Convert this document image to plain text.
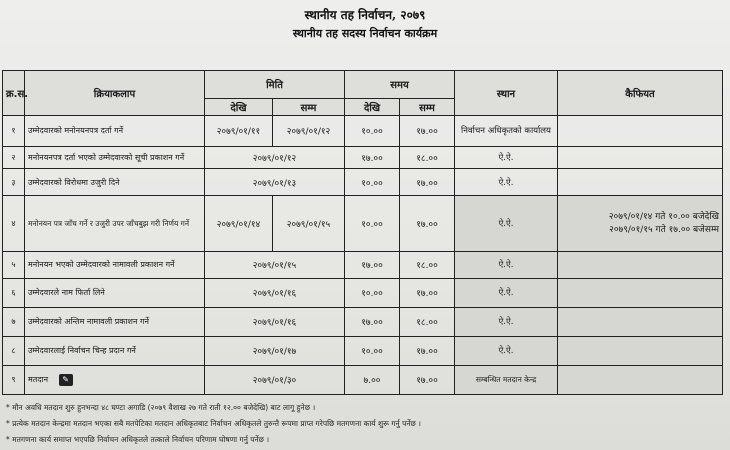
स्थानीय तह निर्वाचन, २०७९
स्थानीय तह सदस्य निर्वाचन कार्यक्रम
क्र.स.	क्रियाकलाप	मिति		समय		स्थान	कैफियत
		देखि	सम्म	देखि	सम्म		
१	उम्मेदवारको मनोनयनपत्र दर्ता गर्ने	२०७९/०१/११	२०७९/०१/१२	१०.००	१७.००	निर्वाचन अधिकृतको कार्यालय	
२	मनोनयनपत्र दर्ता भएको उम्मेदवारको सूची प्रकाशन गर्ने	२०७९/०१/१२		१७.००	१८.००	ऐ.ऐ.	
३	उम्मेदवारको विरोधमा उजुरी दिने	२०७९/०१/१३		१०.००	१७.००	ऐ.ऐ.	
४	मनोनयन पत्र जाँच गर्ने र उजुरी उपर जाँचबुझ गरी निर्णय गर्ने	२०७९/०१/१४	२०७९/०१/१५	१०.००	१७.००	ऐ.ऐ.	२०७९/०१/१४ गते १०.०० बजेदेखि
२०७९/०१/१५ गते १७.०० बजेसम्म

५	मनोनयन भएको उम्मेदवारको नामावली प्रकाशन गर्ने	२०७९/०१/१५		१७.००	१८.००	ऐ.ऐ.	
६	उम्मेदवारले नाम फिर्ता लिने	२०७९/०१/१६		१०.००	१७.००	ऐ.ऐ.	
७	उम्मेदवारको अन्तिम नामावली प्रकाशन गर्ने	२०७९/०१/१६		१७.००	१८.००	ऐ.ऐ.	
८	उम्मेदवारलाई निर्वाचन चिन्ह प्रदान गर्ने	२०७९/०१/१७		१०.००	१७.००	ऐ.ऐ.	
९	मतदान ✎	२०७९/०१/३०		७.००	१७.००	सम्बन्धित मतदान केन्द्र	
* मौन अवधि मतदान शुरु हुनभन्दा ४८ घण्टा अगाडि (२०७९ वैशाख २७ गते राती १२.०० बजेदेखि) बाट लागू हुनेछ ।
* प्रत्येक मतदान केन्द्रमा मतदान भएका सबै मतपेटिका मतदान अधिकृतबाट निर्वाचन अधिकृतले तुरुन्तै रूपमा प्राप्त गरेपछि मतगणना कार्य शुरू गर्नु पर्नेछ ।
* मतगणना कार्य समाप्त भएपछि निर्वाचन अधिकृतले तत्काले निर्वाचन परिणाम घोषणा गर्नु पर्नेछ ।
